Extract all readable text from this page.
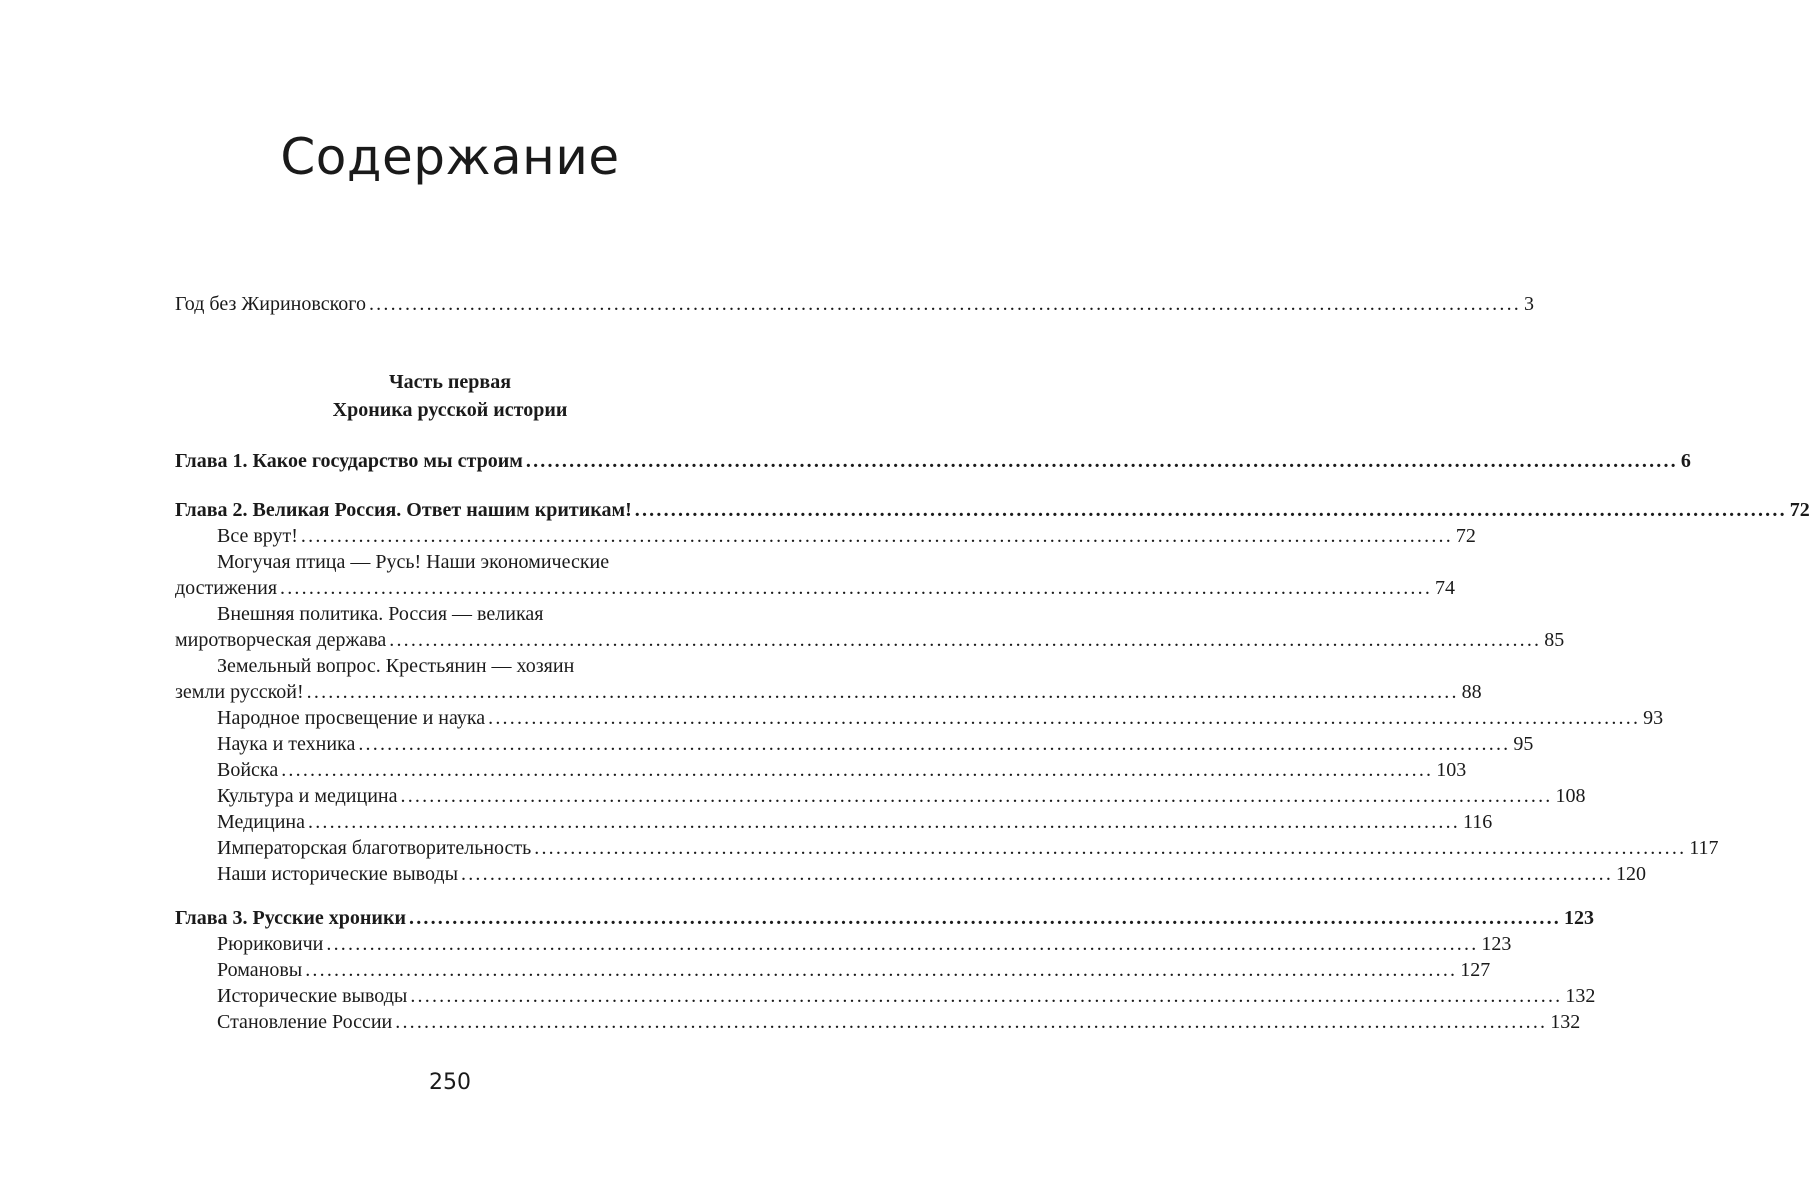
Содержание
Год без Жириновского ................................................................................................................................................................ 3

Часть первая

Хроника русской истории

Глава 1. Какое государство мы строим ................................................................................................................................................................ 6
Глава 2. Великая Россия. Ответ нашим критикам! ................................................................................................................................................................ 72
Все врут! ................................................................................................................................................................ 72
Могучая птица — Русь! Наши экономические
достижения ................................................................................................................................................................ 74
Внешняя политика. Россия — великая
миротворческая держава ................................................................................................................................................................ 85
Земельный вопрос. Крестьянин — хозяин
земли русской! ................................................................................................................................................................ 88
Народное просвещение и наука ................................................................................................................................................................ 93
Наука и техника ................................................................................................................................................................ 95
Войска ................................................................................................................................................................ 103
Культура и медицина ................................................................................................................................................................ 108
Медицина ................................................................................................................................................................ 116
Императорская благотворительность ................................................................................................................................................................ 117
Наши исторические выводы ................................................................................................................................................................ 120
Глава 3. Русские хроники ................................................................................................................................................................ 123
Рюриковичи ................................................................................................................................................................ 123
Романовы ................................................................................................................................................................ 127
Исторические выводы ................................................................................................................................................................ 132
Становление России ................................................................................................................................................................ 132
250
